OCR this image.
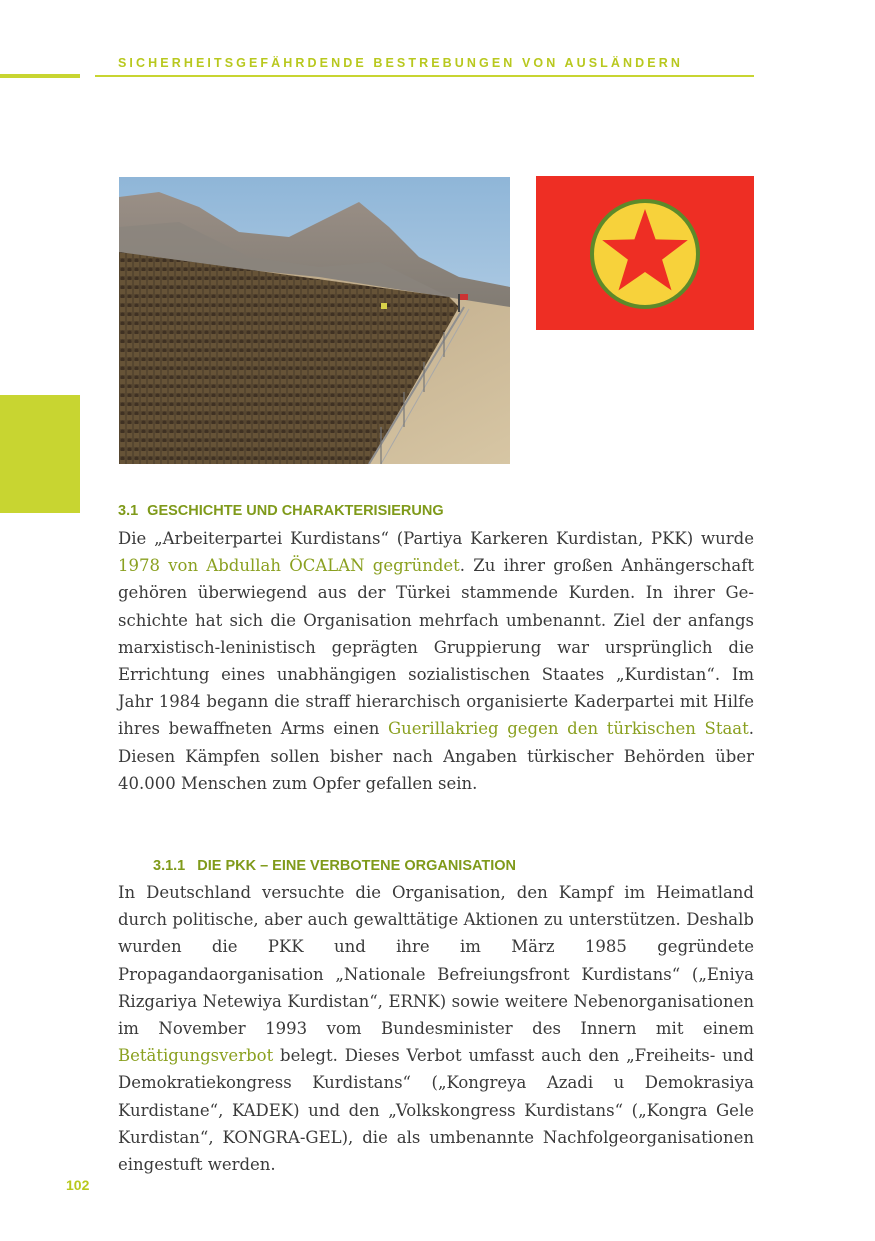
SICHERHEITSGEFÄHRDENDE BESTREBUNGEN VON AUSLÄNDERN
3.1 GESCHICHTE UND CHARAKTERISIERUNG

Die „Arbeiterpartei Kurdistans“ (Partiya Karkeren Kurdistan, PKK) wurde 1978 von Abdullah ÖCALAN gegründet. Zu ihrer großen Anhängerschaft gehören überwiegend aus der Türkei stammende Kurden. In ihrer Geschichte hat sich die Organisation mehrfach umbenannt. Ziel der anfangs marxistisch-leninistisch geprägten Gruppierung war ursprünglich die Errichtung eines unabhängigen sozialistischen Staates „Kurdistan“. Im Jahr 1984 begann die straff hierarchisch organisierte Kaderpartei mit Hilfe ihres bewaffneten Arms einen Guerillakrieg gegen den türkischen Staat. Diesen Kämpfen sollen bisher nach Angaben türkischer Behörden über 40.000 Menschen zum Opfer gefallen sein.

3.1.1 DIE PKK – EINE VERBOTENE ORGANISATION

In Deutschland versuchte die Organisation, den Kampf im Heimatland durch politische, aber auch gewalttätige Aktionen zu unterstützen. Deshalb wurden die PKK und ihre im März 1985 gegründete Propagandaorganisation „Nationale Befreiungsfront Kurdistans“ („Eniya Rizgariya Netewiya Kurdistan“, ERNK) sowie weitere Nebenorganisationen im November 1993 vom Bundesminister des Innern mit einem Betätigungsverbot belegt. Dieses Verbot umfasst auch den „Freiheits- und Demokratiekongress Kurdistans“ („Kongreya Azadi u Demokrasiya Kurdistane“, KADEK) und den „Volkskongress Kurdistans“ („Kongra Gele Kurdistan“, KONGRA-GEL), die als umbenannte Nachfolgeorganisationen eingestuft werden.

102
